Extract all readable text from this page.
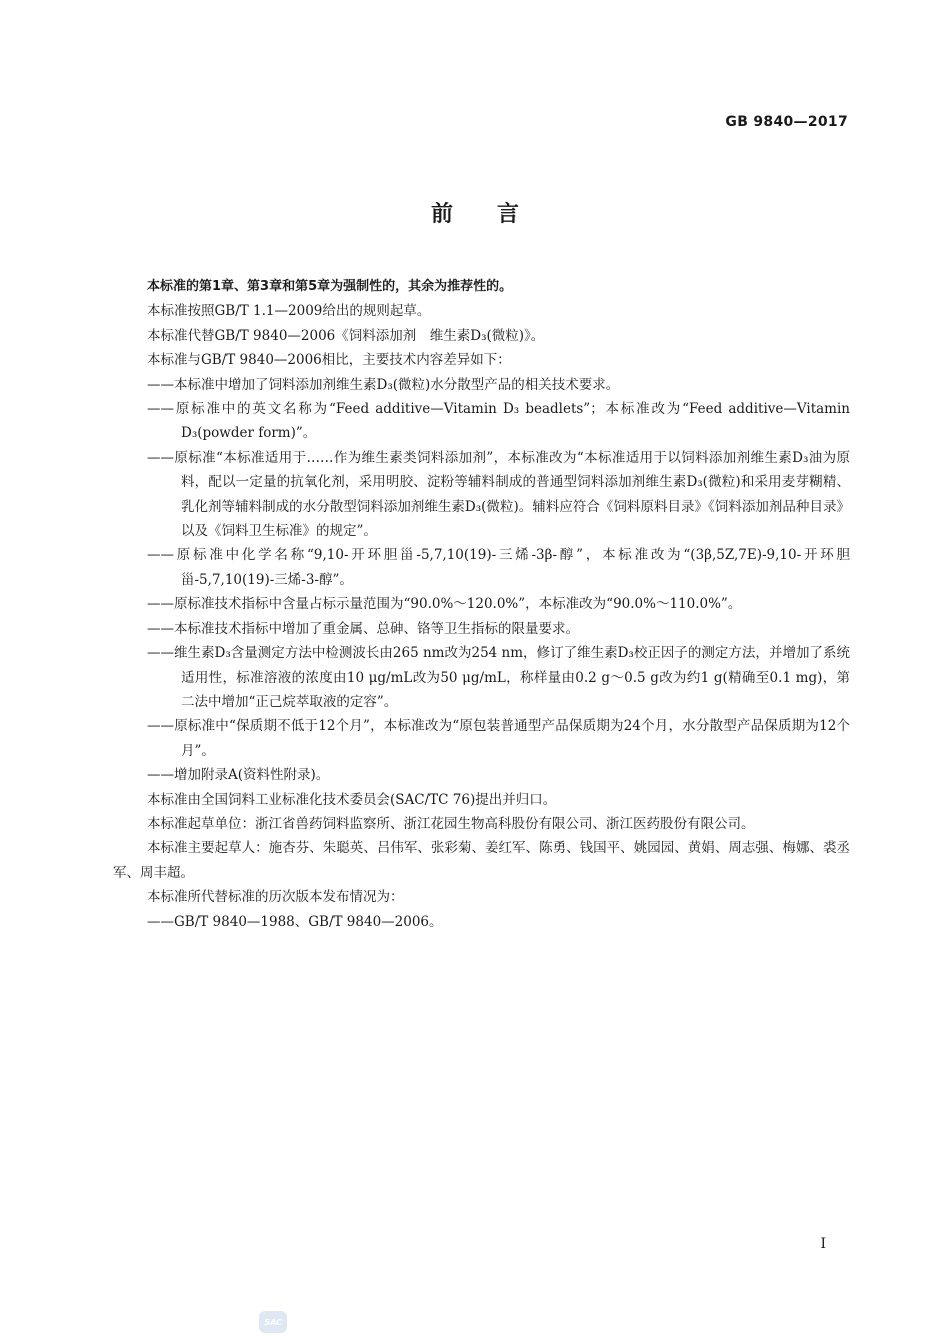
GB 9840—2017
前言

本标准的第1章、第3章和第5章为强制性的，其余为推荐性的。

本标准按照GB/T 1.1—2009给出的规则起草。

本标准代替GB/T 9840—2006《饲料添加剂　维生素D₃(微粒)》。

本标准与GB/T 9840—2006相比，主要技术内容差异如下：

——本标准中增加了饲料添加剂维生素D₃(微粒)水分散型产品的相关技术要求。

——原标准中的英文名称为“Feed additive—Vitamin D₃ beadlets”；本标准改为“Feed additive—Vitamin D₃(powder form)”。

——原标准“本标准适用于……作为维生素类饲料添加剂”，本标准改为“本标准适用于以饲料添加剂维生素D₃油为原料，配以一定量的抗氧化剂，采用明胶、淀粉等辅料制成的普通型饲料添加剂维生素D₃(微粒)和采用麦芽糊精、乳化剂等辅料制成的水分散型饲料添加剂维生素D₃(微粒)。辅料应符合《饲料原料目录》《饲料添加剂品种目录》以及《饲料卫生标准》的规定”。

——原标准中化学名称“9,10-开环胆甾-5,7,10(19)-三烯-3β-醇”，本标准改为“(3β,5Z,7E)-9,10-开环胆甾-5,7,10(19)-三烯-3-醇”。

——原标准技术指标中含量占标示量范围为“90.0%～120.0%”，本标准改为“90.0%～110.0%”。

——本标准技术指标中增加了重金属、总砷、铬等卫生指标的限量要求。

——维生素D₃含量测定方法中检测波长由265 nm改为254 nm，修订了维生素D₃校正因子的测定方法，并增加了系统适用性，标准溶液的浓度由10 μg/mL改为50 μg/mL，称样量由0.2 g～0.5 g改为约1 g(精确至0.1 mg)，第二法中增加“正己烷萃取液的定容”。

——原标准中“保质期不低于12个月”，本标准改为“原包装普通型产品保质期为24个月，水分散型产品保质期为12个月”。

——增加附录A(资料性附录)。

本标准由全国饲料工业标准化技术委员会(SAC/TC 76)提出并归口。

本标准起草单位：浙江省兽药饲料监察所、浙江花园生物高科股份有限公司、浙江医药股份有限公司。

本标准主要起草人：施杏芬、朱聪英、吕伟军、张彩菊、姜红军、陈勇、钱国平、姚园园、黄娟、周志强、梅娜、裘丞军、周丰超。

本标准所代替标准的历次版本发布情况为：

——GB/T 9840—1988、GB/T 9840—2006。

I
SAC
